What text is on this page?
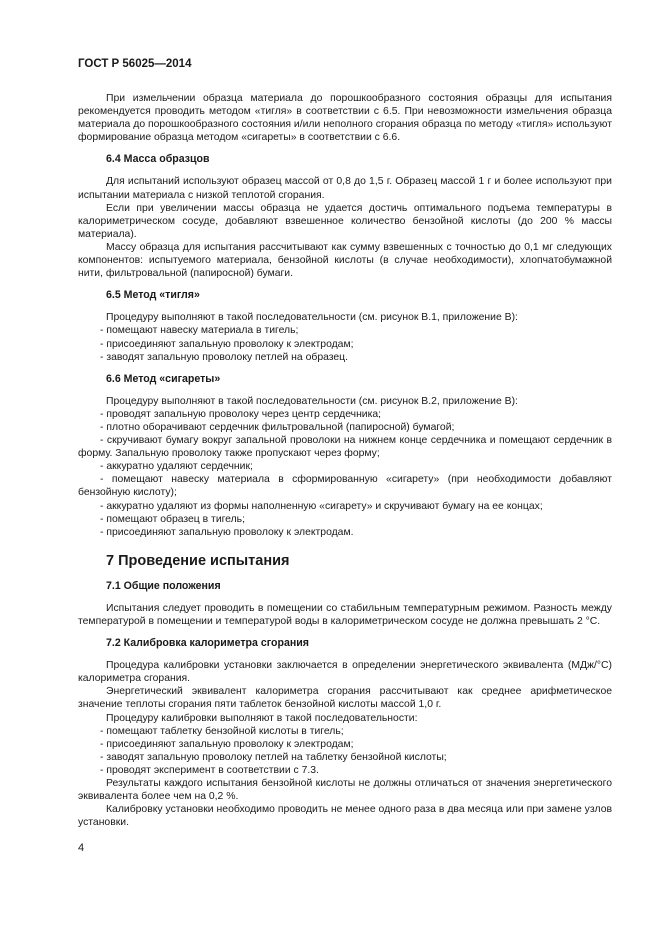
ГОСТ Р 56025—2014

При измельчении образца материала до порошкообразного состояния образцы для испытания рекомендуется проводить методом «тигля» в соответствии с 6.5. При невозможности измельчения образца материала до порошкообразного состояния и/или неполного сгорания образца по методу «тигля» используют формирование образца методом «сигареты» в соответствии с 6.6.

6.4 Масса образцов

Для испытаний используют образец массой от 0,8 до 1,5 г. Образец массой 1 г и более используют при испытании материала с низкой теплотой сгорания.

Если при увеличении массы образца не удается достичь оптимального подъема температуры в калориметрическом сосуде, добавляют взвешенное количество бензойной кислоты (до 200 % массы материала).

Массу образца для испытания рассчитывают как сумму взвешенных с точностью до 0,1 мг следующих компонентов: испытуемого материала, бензойной кислоты (в случае необходимости), хлопчатобумажной нити, фильтровальной (папиросной) бумаги.

6.5 Метод «тигля»

Процедуру выполняют в такой последовательности (см. рисунок В.1, приложение В):

- помещают навеску материала в тигель;

- присоединяют запальную проволоку к электродам;

- заводят запальную проволоку петлей на образец.

6.6 Метод «сигареты»

Процедуру выполняют в такой последовательности (см. рисунок В.2, приложение В):

- проводят запальную проволоку через центр сердечника;

- плотно оборачивают сердечник фильтровальной (папиросной) бумагой;

- скручивают бумагу вокруг запальной проволоки на нижнем конце сердечника и помещают сердечник в форму. Запальную проволоку также пропускают через форму;

- аккуратно удаляют сердечник;

- помещают навеску материала в сформированную «сигарету» (при необходимости добавляют бензойную кислоту);

- аккуратно удаляют из формы наполненную «сигарету» и скручивают бумагу на ее концах;

- помещают образец в тигель;

- присоединяют запальную проволоку к электродам.

7 Проведение испытания
7.1 Общие положения

Испытания следует проводить в помещении со стабильным температурным режимом. Разность между температурой в помещении и температурой воды в калориметрическом сосуде не должна превышать 2 °С.

7.2 Калибровка калориметра сгорания

Процедура калибровки установки заключается в определении энергетического эквивалента (МДж/°С) калориметра сгорания.

Энергетический эквивалент калориметра сгорания рассчитывают как среднее арифметическое значение теплоты сгорания пяти таблеток бензойной кислоты массой 1,0 г.

Процедуру калибровки выполняют в такой последовательности:

- помещают таблетку бензойной кислоты в тигель;

- присоединяют запальную проволоку к электродам;

- заводят запальную проволоку петлей на таблетку бензойной кислоты;

- проводят эксперимент в соответствии с 7.3.

Результаты каждого испытания бензойной кислоты не должны отличаться от значения энергетического эквивалента более чем на 0,2 %.

Калибровку установки необходимо проводить не менее одного раза в два месяца или при замене узлов установки.

4
